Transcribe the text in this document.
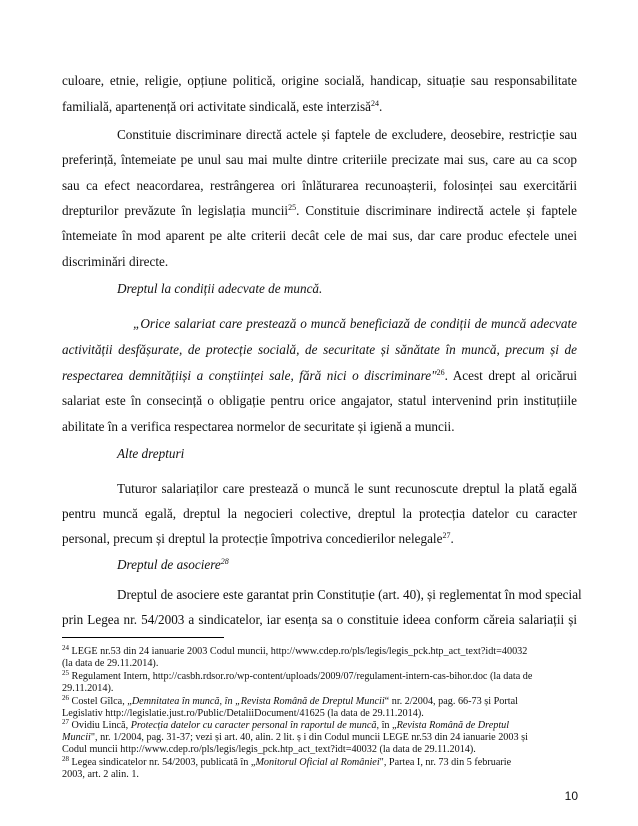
culoare, etnie, religie, opțiune politică, origine socială, handicap, situație sau responsabilitate
familială, apartenență ori activitate sindicală, este interzisă$^{24}$.
Constituie discriminare directă actele și faptele de excludere, deosebire, restricție sau
preferință, întemeiate pe unul sau mai multe dintre criteriile precizate mai sus, care au ca scop
sau ca efect neacordarea, restrângerea ori înlăturarea recunoașterii, folosinței sau exercitării
drepturilor prevăzute în legislația muncii$^{25}$. Constituie discriminare indirectă actele și faptele
întemeiate în mod aparent pe alte criterii decât cele de mai sus, dar care produc efectele unei
discriminări directe.
Dreptul la condiții adecvate de muncă.
„Orice salariat care prestează o muncă beneficiază de condiții de muncă adecvate
activității desfășurate, de protecție socială, de securitate și sănătate în muncă, precum și de
respectarea demnitățiiși a conștiinței sale, fără nici o discriminare"$^{26}$. Acest drept al oricărui
salariat este în consecință o obligație pentru orice angajator, statul intervenind prin instituțiile
abilitate în a verifica respectarea normelor de securitate și igienă a muncii.
Alte drepturi
Tuturor salariaților care prestează o muncă le sunt recunoscute dreptul la plată egală
pentru muncă egală, dreptul la negocieri colective, dreptul la protecția datelor cu caracter
personal, precum și dreptul la protecție împotriva concedierilor nelegale$^{27}$.
Dreptul de asociere$^{28}$
Dreptul de asociere este garantat prin Constituție (art. 40), și reglementat în mod special
prin Legea nr. 54/2003 a sindicatelor, iar esența sa o constituie ideea conform căreia salariații și
$^{24}$ LEGE nr.53 din 24 ianuarie 2003 Codul muncii, http://www.cdep.ro/pls/legis/legis_pck.htp_act_text?idt=40032
(la data de 29.11.2014).
$^{25}$ Regulament Intern, http://casbh.rdsor.ro/wp-content/uploads/2009/07/regulament-intern-cas-bihor.doc (la data de
29.11.2014).
$^{26}$ Costel Gîlca, „Demnitatea în muncă, în „Revista Română de Dreptul Muncii“ nr. 2/2004, pag. 66-73 și Portal
Legislativ http://legislatie.just.ro/Public/DetaliiDocument/41625 (la data de 29.11.2014).
$^{27}$ Ovidiu Lincă, Protecția datelor cu caracter personal în raportul de muncă, în „Revista Română de Dreptul
Muncii", nr. 1/2004, pag. 31-37; vezi și art. 40, alin. 2 lit. ș i din Codul muncii LEGE nr.53 din 24 ianuarie 2003 și
Codul muncii http://www.cdep.ro/pls/legis/legis_pck.htp_act_text?idt=40032 (la data de 29.11.2014).
$^{28}$ Legea sindicatelor nr. 54/2003, publicată în „Monitorul Oficial al României", Partea I, nr. 73 din 5 februarie
2003, art. 2 alin. 1.
10
